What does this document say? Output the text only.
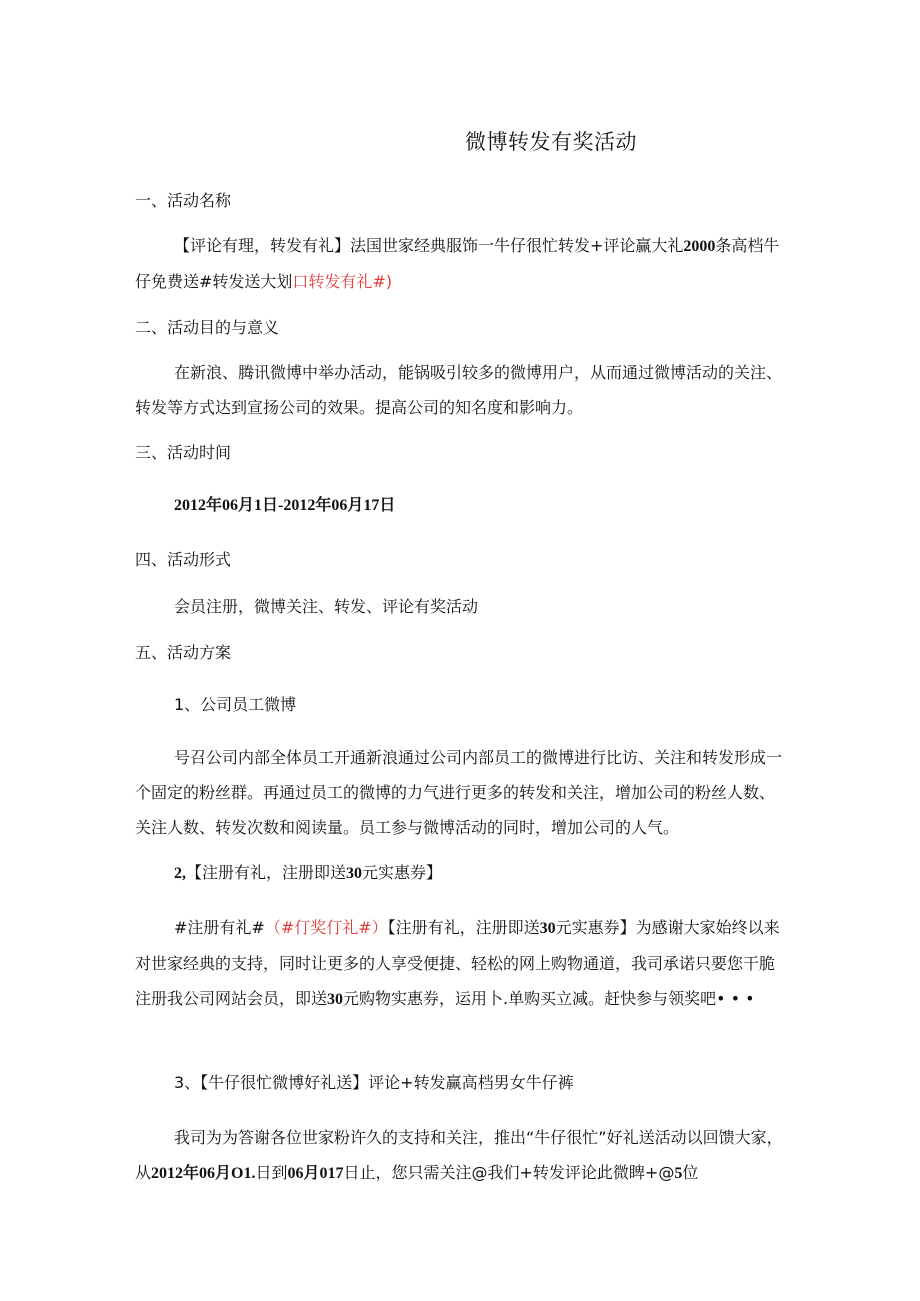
微博转发有奖活动
一、活动名称
【评论有理，转发有礼】法国世家经典服饰一牛仔很忙转发+评论赢大礼2000条高档牛仔免费送#转发送大划口转发有礼#)
二、活动目的与意义
在新浪、腾讯微博中举办活动，能锅吸引较多的微博用户，从而通过微博活动的关注、转发等方式达到宣扬公司的效果。提高公司的知名度和影响力。
三、活动时间
2012年06月1日-2012年06月17日
四、活动形式
会员注册，微博关注、转发、评论有奖活动
五、活动方案
1、公司员工微博
号召公司内部全体员工开通新浪通过公司内部员工的微博进行比访、关注和转发形成一个固定的粉丝群。再通过员工的微博的力气进行更多的转发和关注，增加公司的粉丝人数、关注人数、转发次数和阅读量。员工参与微博活动的同时，增加公司的人气。
2,【注册有礼，注册即送30元实惠券】
#注册有礼#（#仃奖仃礼#）【注册有礼，注册即送30元实惠券】为感谢大家始终以来对世家经典的支持，同时让更多的人享受便捷、轻松的网上购物通道，我司承诺只要您干脆注册我公司网站会员，即送30元购物实惠券，运用卜.单购买立减。赶快参与领奖吧• • •
3、【牛仔很忙微博好礼送】评论+转发赢高档男女牛仔裤
我司为为答谢各位世家粉许久的支持和关注，推出“牛仔很忙”好礼送活动以回馈大家，从2012年06月O1.日到06月017日止，您只需关注@我们+转发评论此微睥+@5位
